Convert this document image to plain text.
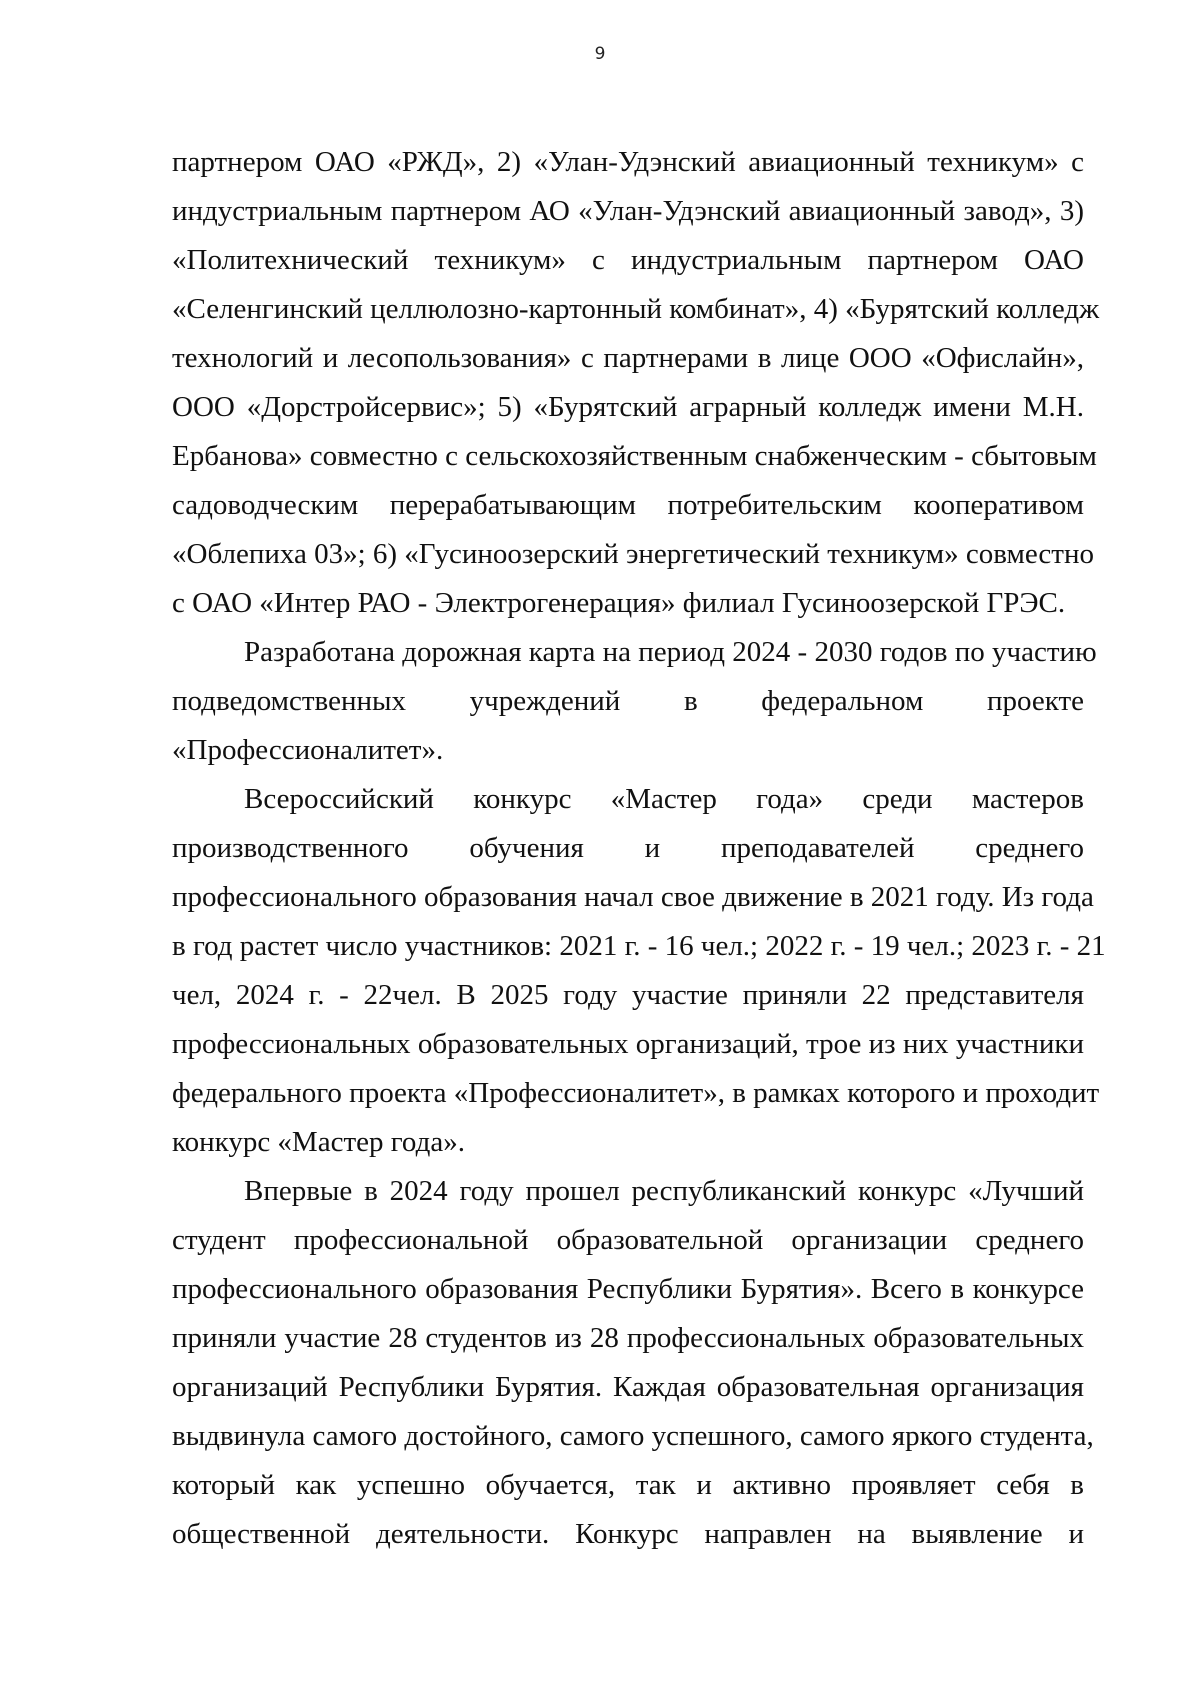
9
партнером ОАО «РЖД», 2) «Улан-Удэнский авиационный техникум» с
индустриальным партнером АО «Улан-Удэнский авиационный завод», 3)
«Политехнический техникум» с индустриальным партнером ОАО
«Селенгинский целлюлозно-картонный комбинат», 4) «Бурятский колледж
технологий и лесопользования» с партнерами в лице ООО «Офислайн»,
ООО «Дорстройсервис»; 5) «Бурятский аграрный колледж имени М.Н.
Ербанова» совместно с сельскохозяйственным снабженческим - сбытовым
садоводческим перерабатывающим потребительским кооперативом
«Облепиха 03»; 6) «Гусиноозерский энергетический техникум» совместно
с ОАО «Интер РАО - Электрогенерация» филиал Гусиноозерской ГРЭС.
Разработана дорожная карта на период 2024 - 2030 годов по участию
подведомственных учреждений в федеральном проекте
«Профессионалитет».
Всероссийский конкурс «Мастер года» среди мастеров
производственного обучения и преподавателей среднего
профессионального образования начал свое движение в 2021 году. Из года
в год растет число участников: 2021 г. - 16 чел.; 2022 г. - 19 чел.; 2023 г. - 21
чел, 2024 г. - 22чел. В 2025 году участие приняли 22 представителя
профессиональных образовательных организаций, трое из них участники
федерального проекта «Профессионалитет», в рамках которого и проходит
конкурс «Мастер года».
Впервые в 2024 году прошел республиканский конкурс «Лучший
студент профессиональной образовательной организации среднего
профессионального образования Республики Бурятия». Всего в конкурсе
приняли участие 28 студентов из 28 профессиональных образовательных
организаций Республики Бурятия. Каждая образовательная организация
выдвинула самого достойного, самого успешного, самого яркого студента,
который как успешно обучается, так и активно проявляет себя в
общественной деятельности. Конкурс направлен на выявление и
